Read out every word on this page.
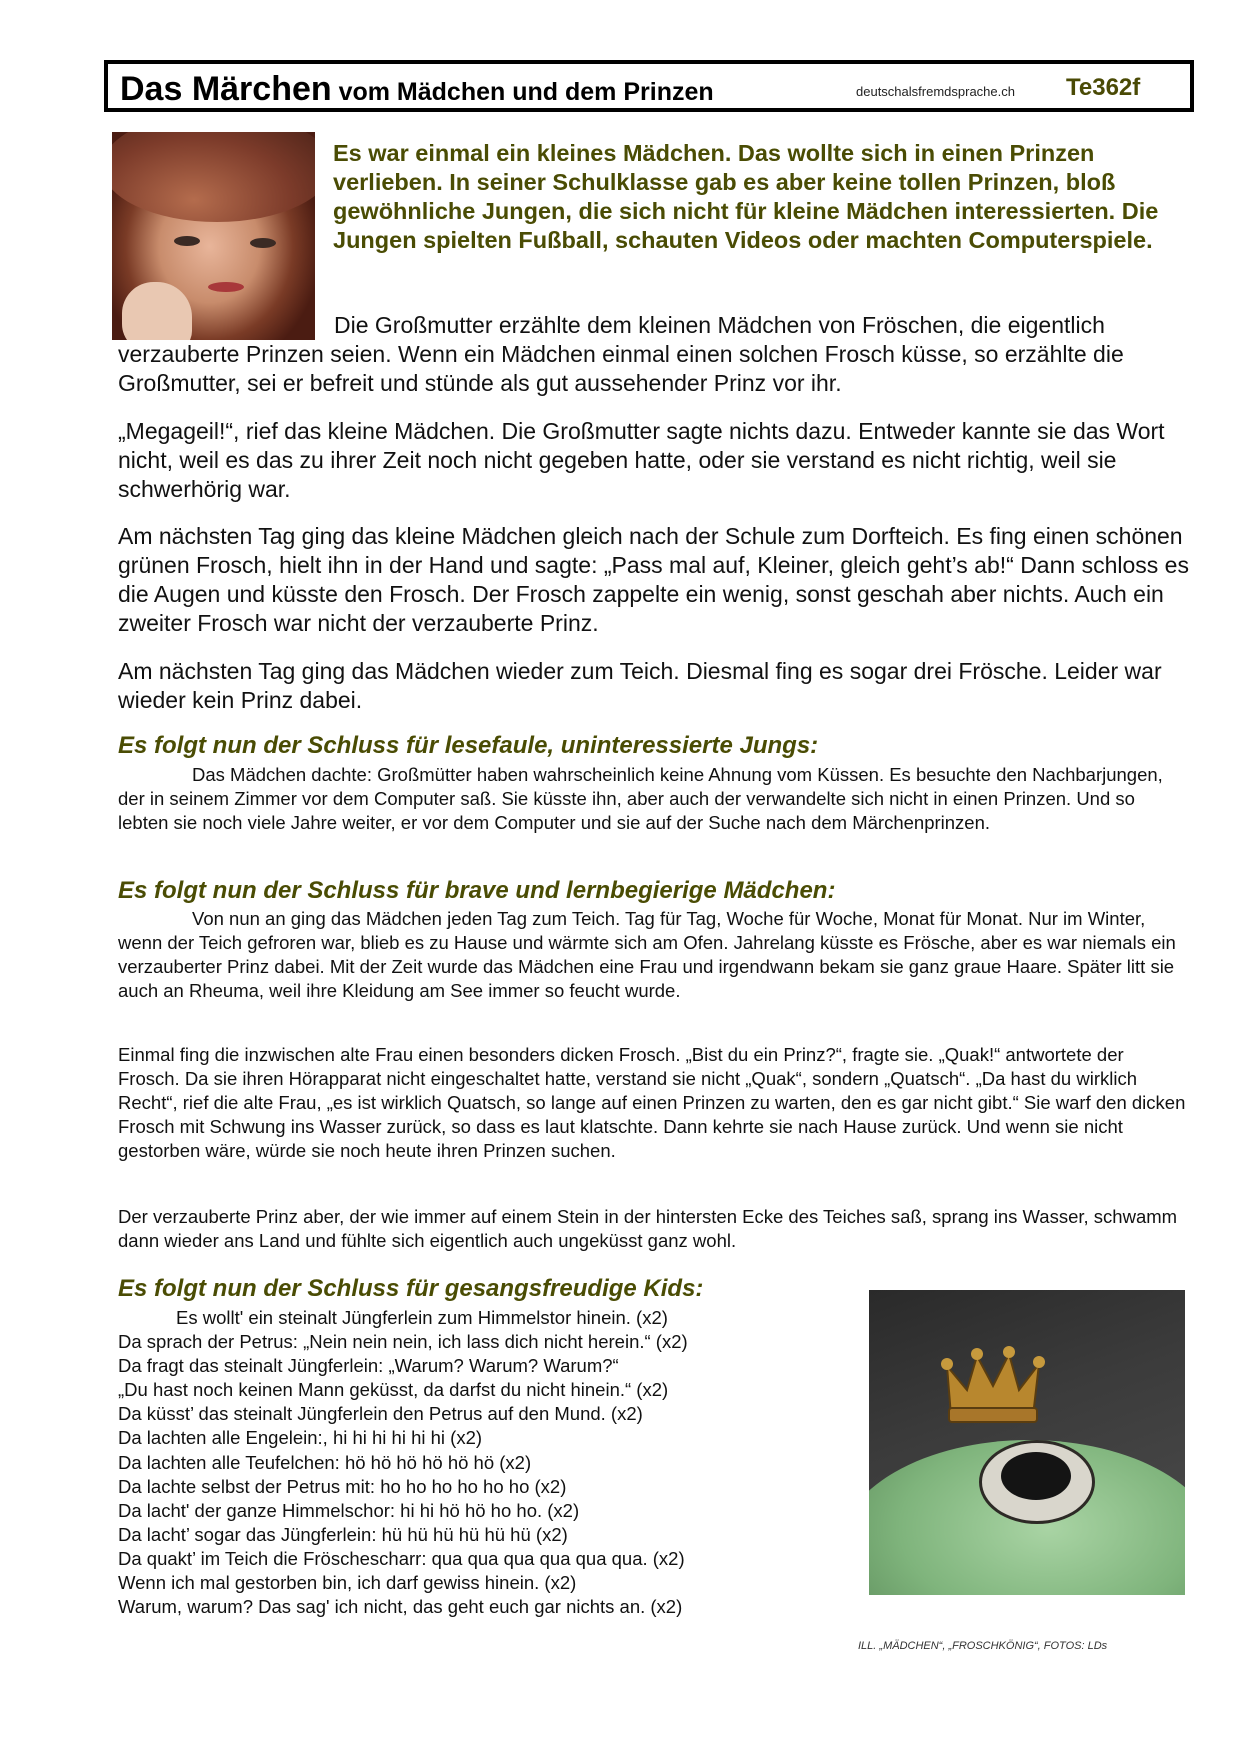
Das Märchen vom Mädchen und dem Prinzen	deutschalsfremdsprache.ch Te362f
Es war einmal ein kleines Mädchen. Das wollte sich in einen Prinzen verlieben. In seiner Schulklasse gab es aber keine tollen Prinzen, bloß gewöhnliche Jungen, die sich nicht für kleine Mädchen interessierten. Die Jungen spielten Fußball, schauten Videos oder machten Computerspiele.
Die Großmutter erzählte dem kleinen Mädchen von Fröschen, die eigentlich verzauberte Prinzen seien. Wenn ein Mädchen einmal einen solchen Frosch küsse, so erzählte die Großmutter, sei er befreit und stünde als gut aussehender Prinz vor ihr.
„Megageil!“, rief das kleine Mädchen. Die Großmutter sagte nichts dazu. Entweder kannte sie das Wort nicht, weil es das zu ihrer Zeit noch nicht gegeben hatte, oder sie verstand es nicht richtig, weil sie schwerhörig war.
Am nächsten Tag ging das kleine Mädchen gleich nach der Schule zum Dorfteich. Es fing einen schönen grünen Frosch, hielt ihn in der Hand und sagte: „Pass mal auf, Kleiner, gleich geht’s ab!“ Dann schloss es die Augen und küsste den Frosch. Der Frosch zappelte ein wenig, sonst geschah aber nichts. Auch ein zweiter Frosch war nicht der verzauberte Prinz.
Am nächsten Tag ging das Mädchen wieder zum Teich. Diesmal fing es sogar drei Frösche. Leider war wieder kein Prinz dabei.
Es folgt nun der Schluss für lesefaule, uninteressierte Jungs:
Das Mädchen dachte: Großmütter haben wahrscheinlich keine Ahnung vom Küssen. Es besuchte den Nachbarjungen, der in seinem Zimmer vor dem Computer saß. Sie küsste ihn, aber auch der verwandelte sich nicht in einen Prinzen. Und so lebten sie noch viele Jahre weiter, er vor dem Computer und sie auf der Suche nach dem Märchenprinzen.
Es folgt nun der Schluss für brave und lernbegierige Mädchen:
Von nun an ging das Mädchen jeden Tag zum Teich. Tag für Tag, Woche für Woche, Monat für Monat. Nur im Winter, wenn der Teich gefroren war, blieb es zu Hause und wärmte sich am Ofen. Jahrelang küsste es Frösche, aber es war niemals ein verzauberter Prinz dabei. Mit der Zeit wurde das Mädchen eine Frau und irgendwann bekam sie ganz graue Haare. Später litt sie auch an Rheuma, weil ihre Kleidung am See immer so feucht wurde.
Einmal fing die inzwischen alte Frau einen besonders dicken Frosch. „Bist du ein Prinz?“, fragte sie. „Quak!“ antwortete der Frosch. Da sie ihren Hörapparat nicht eingeschaltet hatte, verstand sie nicht „Quak“, sondern „Quatsch“. „Da hast du wirklich Recht“, rief die alte Frau, „es ist wirklich Quatsch, so lange auf einen Prinzen zu warten, den es gar nicht gibt.“ Sie warf den dicken Frosch mit Schwung ins Wasser zurück, so dass es laut klatschte. Dann kehrte sie nach Hause zurück. Und wenn sie nicht gestorben wäre, würde sie noch heute ihren Prinzen suchen.
Der verzauberte Prinz aber, der wie immer auf einem Stein in der hintersten Ecke des Teiches saß, sprang ins Wasser, schwamm dann wieder ans Land und fühlte sich eigentlich auch ungeküsst ganz wohl.
Es folgt nun der Schluss für gesangsfreudige Kids:
Es wollt' ein steinalt Jüngferlein zum Himmelstor hinein. (x2)
Da sprach der Petrus: „Nein nein nein, ich lass dich nicht herein.“ (x2)
Da fragt das steinalt Jüngferlein: „Warum? Warum? Warum?“
„Du hast noch keinen Mann geküsst, da darfst du nicht hinein.“ (x2)
Da küsst’ das steinalt Jüngferlein den Petrus auf den Mund. (x2)
Da lachten alle Engelein:, hi hi hi hi hi hi (x2)
Da lachten alle Teufelchen: hö hö hö hö hö hö (x2)
Da lachte selbst der Petrus mit: ho ho ho ho ho ho (x2)
Da lacht' der ganze Himmelschor: hi hi hö hö ho ho. (x2)
Da lacht’ sogar das Jüngferlein: hü hü hü hü hü hü (x2)
Da quakt’ im Teich die Fröschescharr: qua qua qua qua qua qua. (x2)
Wenn ich mal gestorben bin, ich darf gewiss hinein. (x2)
Warum, warum? Das sag' ich nicht, das geht euch gar nichts an. (x2)
ILL. „MÄDCHEN“, „FROSCHKÖNIG“, FOTOS: LDs
